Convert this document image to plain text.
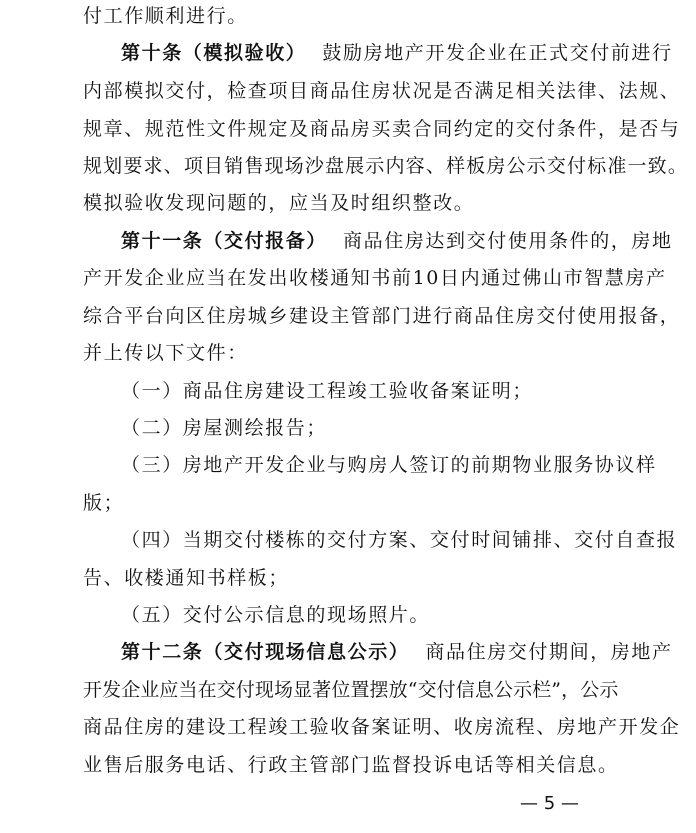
付工作顺利进行。
第十条（模拟验收） 鼓励房地产开发企业在正式交付前进行
内部模拟交付，检查项目商品住房状况是否满足相关法律、法规、
规章、规范性文件规定及商品房买卖合同约定的交付条件，是否与
规划要求、项目销售现场沙盘展示内容、样板房公示交付标准一致。
模拟验收发现问题的，应当及时组织整改。
第十一条（交付报备） 商品住房达到交付使用条件的，房地
产开发企业应当在发出收楼通知书前10日内通过佛山市智慧房产
综合平台向区住房城乡建设主管部门进行商品住房交付使用报备，
并上传以下文件：
（一）商品住房建设工程竣工验收备案证明；
（二）房屋测绘报告；
（三）房地产开发企业与购房人签订的前期物业服务协议样
版；
（四）当期交付楼栋的交付方案、交付时间铺排、交付自查报
告、收楼通知书样板；
（五）交付公示信息的现场照片。
第十二条（交付现场信息公示） 商品住房交付期间，房地产
开发企业应当在交付现场显著位置摆放“交付信息公示栏”，公示
商品住房的建设工程竣工验收备案证明、收房流程、房地产开发企
业售后服务电话、行政主管部门监督投诉电话等相关信息。
— 5 —
